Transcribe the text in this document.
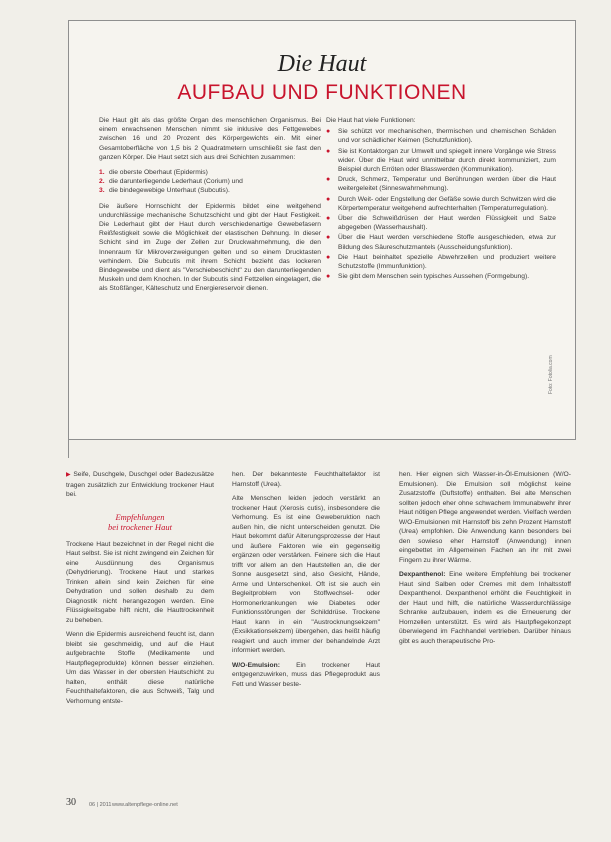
Die Haut
AUFBAU UND FUNKTIONEN

Die Haut gilt als das größte Organ des menschlichen Organismus. Bei einem erwachsenen Menschen nimmt sie inklusive des Fettgewebes zwischen 16 und 20 Prozent des Körpergewichts ein. Mit einer Gesamtoberfläche von 1,5 bis 2 Quadratmetern umschließt sie fast den ganzen Körper. Die Haut setzt sich aus drei Schichten zusammen:

1. die oberste Oberhaut (Epidermis)
2. die darunterliegende Lederhaut (Corium) und
3. die bindegewebige Unterhaut (Subcutis).

Die äußere Hornschicht der Epidermis bildet eine weitgehend undurchlässige mechanische Schutzschicht und gibt der Haut Festigkeit. Die Lederhaut gibt der Haut durch verschiedenartige Gewebefasern Reißfestigkeit sowie die Möglichkeit der elastischen Dehnung. In dieser Schicht sind im Zuge der Zellen zur Druckwahrnehmung, die den Innenraum für Mikroverzweigungen gelten und so einem Drucktasten verhindern. Die Subcutis mit ihrem Schicht bezieht das lockeren Bindegewebe und dient als "Verschiebeschicht" zu den darunterliegenden Muskeln und dem Knochen. In der Subcutis sind Fettzellen eingelagert, die als Stoßfänger, Kälteschutz und Energiereservoir dienen.

Die Haut hat viele Funktionen:

● Sie schützt vor mechanischen, thermischen und chemischen Schäden und vor schädlicher Keimen (Schutzfunktion).
● Sie ist Kontaktorgan zur Umwelt und spiegelt innere Vorgänge wie Stress wider. Über die Haut wird unmittelbar durch direkt kommuniziert, zum Beispiel durch Erröten oder Blasswerden (Kommunikation).
● Druck, Schmerz, Temperatur und Berührungen werden über die Haut weitergeleitet (Sinneswahrnehmung).
● Durch Weit- oder Engstellung der Gefäße sowie durch Schwitzen wird die Körpertemperatur weitgehend aufrechterhalten (Temperaturregulation).
● Über die Schweißdrüsen der Haut werden Flüssigkeit und Salze abgegeben (Wasserhaushalt).
● Über die Haut werden verschiedene Stoffe ausgeschieden, etwa zur Bildung des Säureschutzmantels (Ausscheidungsfunktion).
● Die Haut beinhaltet spezielle Abwehrzellen und produziert weitere Schutzstoffe (Immunfunktion).
● Sie gibt dem Menschen sein typisches Aussehen (Formgebung).
Foto: Fotolia.com

▶ Seife, Duschgele, Duschgel oder Badezusätze tragen zusätzlich zur Entwicklung trockener Haut bei.

Empfehlungen
bei trockener Haut

Trockene Haut bezeichnet in der Regel nicht die Haut selbst. Sie ist nicht zwingend ein Zeichen für eine Ausdünnung des Organismus (Dehydrierung). Trockene Haut und starkes Trinken allein sind kein Zeichen für eine Dehydration und sollen deshalb zu dem Diagnostik nicht herangezogen werden. Eine Flüssigkeitsgabe hilft nicht, die Hauttrockenheit zu beheben.

Wenn die Epidermis ausreichend feucht ist, dann bleibt sie geschmeidig, und auf die Haut aufgebrachte Stoffe (Medikamente und Hautpflegeprodukte) können besser einziehen. Um das Wasser in der obersten Hautschicht zu halten, enthält diese natürliche Feuchthaltefaktoren, die aus Schweiß, Talg und Verhornung entste-

hen. Der bekannteste Feuchthaltefaktor ist Harnstoff (Urea).

Alte Menschen leiden jedoch verstärkt an trockener Haut (Xerosis cutis), insbesondere die Verhornung. Es ist eine Geweberuktion nach außen hin, die nicht unterscheiden genutzt. Die Haut bekommt dafür Alterungsprozesse der Haut und äußere Faktoren wie ein gegenseitig ergänzen oder verstärken. Feinere sich die Haut trifft vor allem an den Hautstellen an, die der Sonne ausgesetzt sind, also Gesicht, Hände, Arme und Unterschenkel. Oft ist sie auch ein Begleitproblem von Stoffwechsel- oder Hormonerkrankungen wie Diabetes oder Funktionsstörungen der Schilddrüse. Trockene Haut kann in ein "Austrocknungsekzem" (Exsikkationsekzem) übergehen, das heißt häufig reagiert und auch immer der behandelnde Arzt informiert werden.

W/O-Emulsion: Ein trockener Haut entgegenzuwirken, muss das Pflegeprodukt aus Fett und Wasser beste-

hen. Hier eignen sich Wasser-in-Öl-Emulsionen (W/O-Emulsionen). Die Emulsion soll möglichst keine Zusatzstoffe (Duftstoffe) enthalten. Bei alte Menschen sollten jedoch eher ohne schwachem Immunabwehr ihrer Haut nötigen Pflege angewendet werden. Vielfach werden W/O-Emulsionen mit Harnstoff bis zehn Prozent Harnstoff (Urea) empfohlen. Die Anwendung kann besonders bei den sowieso eher Harnstoff (Anwendung) innen eingebettet im Allgemeinen Fachen an ihr mit zwei Fingern zu ihrer Wärme.

Dexpanthenol: Eine weitere Empfehlung bei trockener Haut sind Salben oder Cremes mit dem Inhaltsstoff Dexpanthenol. Dexpanthenol erhöht die Feuchtigkeit in der Haut und hilft, die natürliche Wasserdurchlässige Schranke aufzubauen, indem es die Erneuerung der Hornzellen unterstützt. Es wird als Hautpflegekonzept überwiegend im Fachhandel vertrieben. Darüber hinaus gibt es auch therapeutische Pro-

30 06 | 2011 www.altenpflege-online.net
